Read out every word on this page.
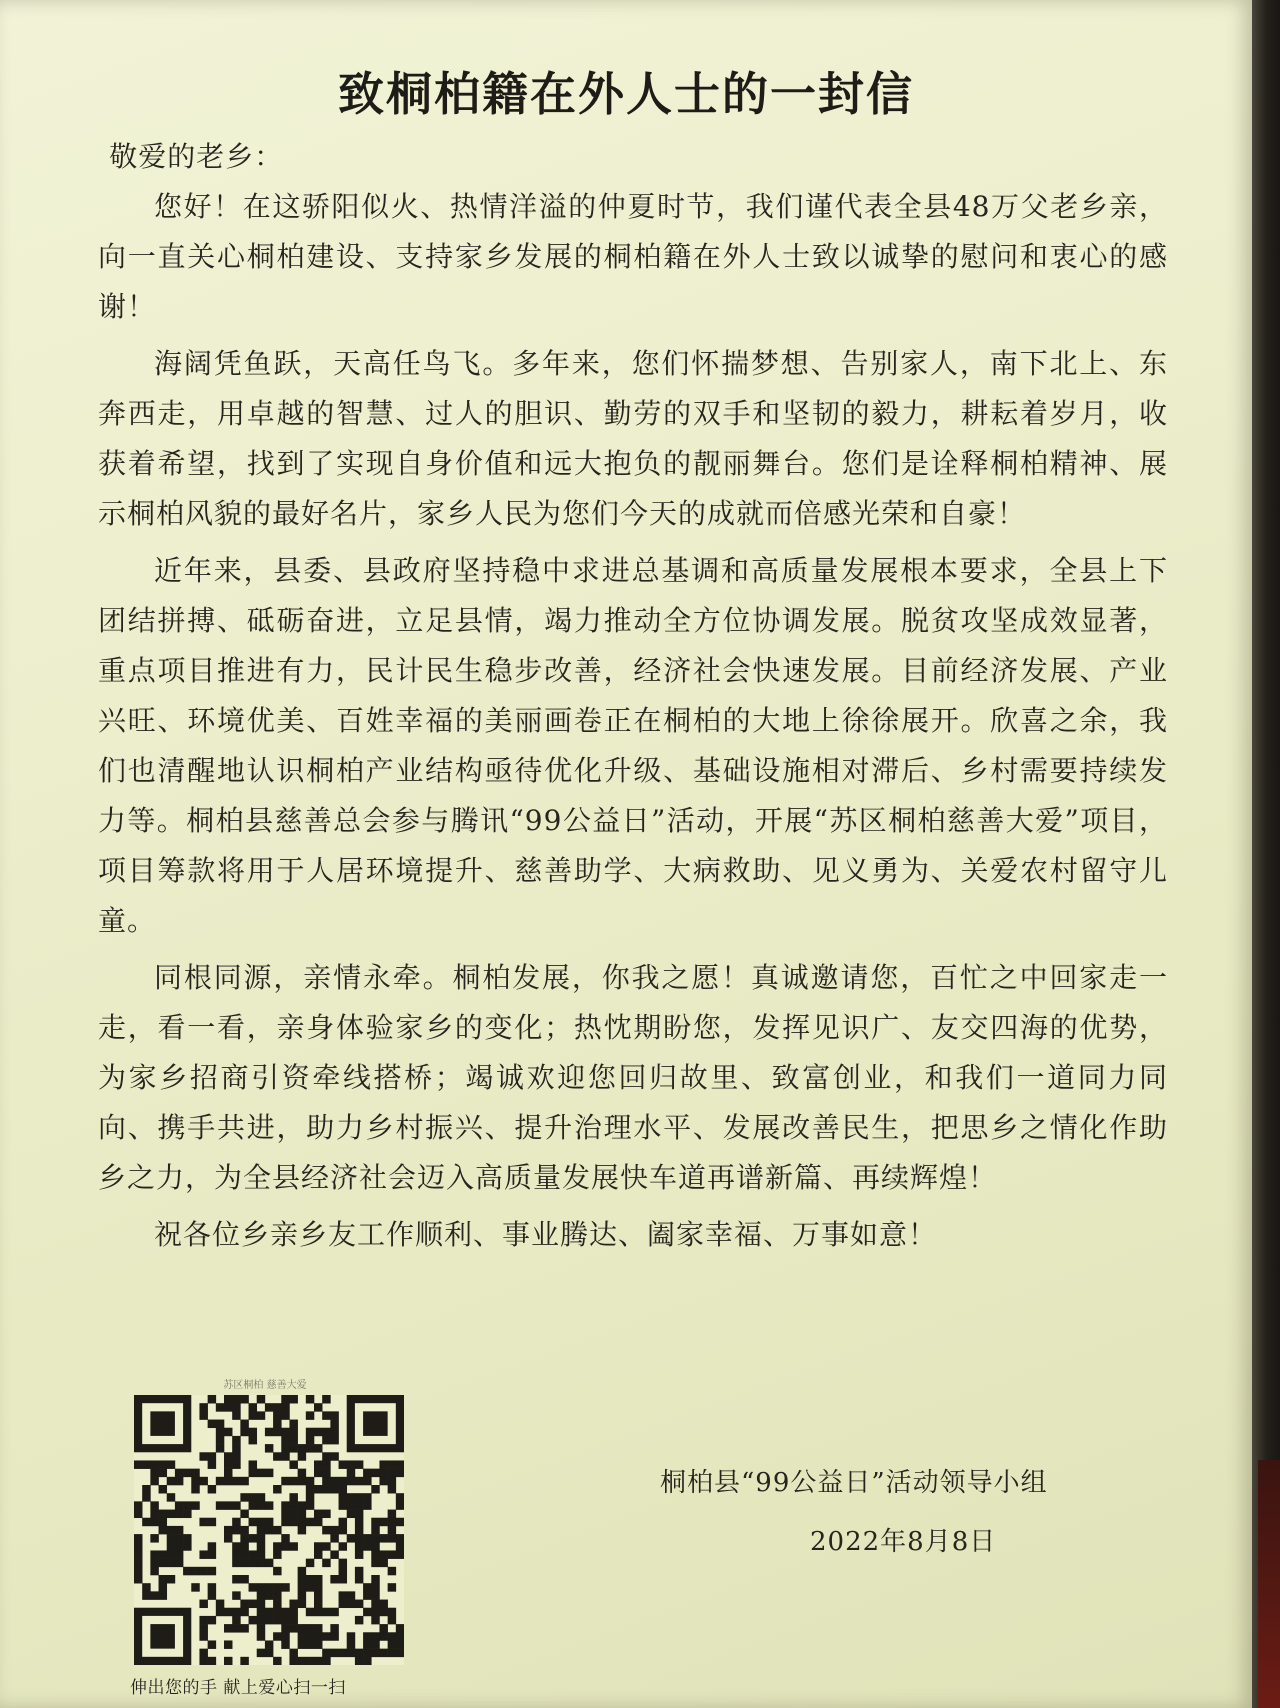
致桐柏籍在外人士的一封信

敬爱的老乡：

您好！在这骄阳似火、热情洋溢的仲夏时节，我们谨代表全县48万父老乡亲，向一直关心桐柏建设、支持家乡发展的桐柏籍在外人士致以诚挚的慰问和衷心的感谢！

海阔凭鱼跃，天高任鸟飞。多年来，您们怀揣梦想、告别家人，南下北上、东奔西走，用卓越的智慧、过人的胆识、勤劳的双手和坚韧的毅力，耕耘着岁月，收获着希望，找到了实现自身价值和远大抱负的靓丽舞台。您们是诠释桐柏精神、展示桐柏风貌的最好名片，家乡人民为您们今天的成就而倍感光荣和自豪！

近年来，县委、县政府坚持稳中求进总基调和高质量发展根本要求，全县上下团结拼搏、砥砺奋进，立足县情，竭力推动全方位协调发展。脱贫攻坚成效显著，重点项目推进有力，民计民生稳步改善，经济社会快速发展。目前经济发展、产业兴旺、环境优美、百姓幸福的美丽画卷正在桐柏的大地上徐徐展开。欣喜之余，我们也清醒地认识桐柏产业结构亟待优化升级、基础设施相对滞后、乡村需要持续发力等。桐柏县慈善总会参与腾讯“99公益日”活动，开展“苏区桐柏慈善大爱”项目，项目筹款将用于人居环境提升、慈善助学、大病救助、见义勇为、关爱农村留守儿童。

同根同源，亲情永牵。桐柏发展，你我之愿！真诚邀请您，百忙之中回家走一走，看一看，亲身体验家乡的变化；热忱期盼您，发挥见识广、友交四海的优势，为家乡招商引资牵线搭桥；竭诚欢迎您回归故里、致富创业，和我们一道同力同向、携手共进，助力乡村振兴、提升治理水平、发展改善民生，把思乡之情化作助乡之力，为全县经济社会迈入高质量发展快车道再谱新篇、再续辉煌！

祝各位乡亲乡友工作顺利、事业腾达、阖家幸福、万事如意！

苏区桐柏 慈善大爱
伸出您的手 献上爱心扫一扫
桐柏县“99公益日”活动领导小组
2022年8月8日
